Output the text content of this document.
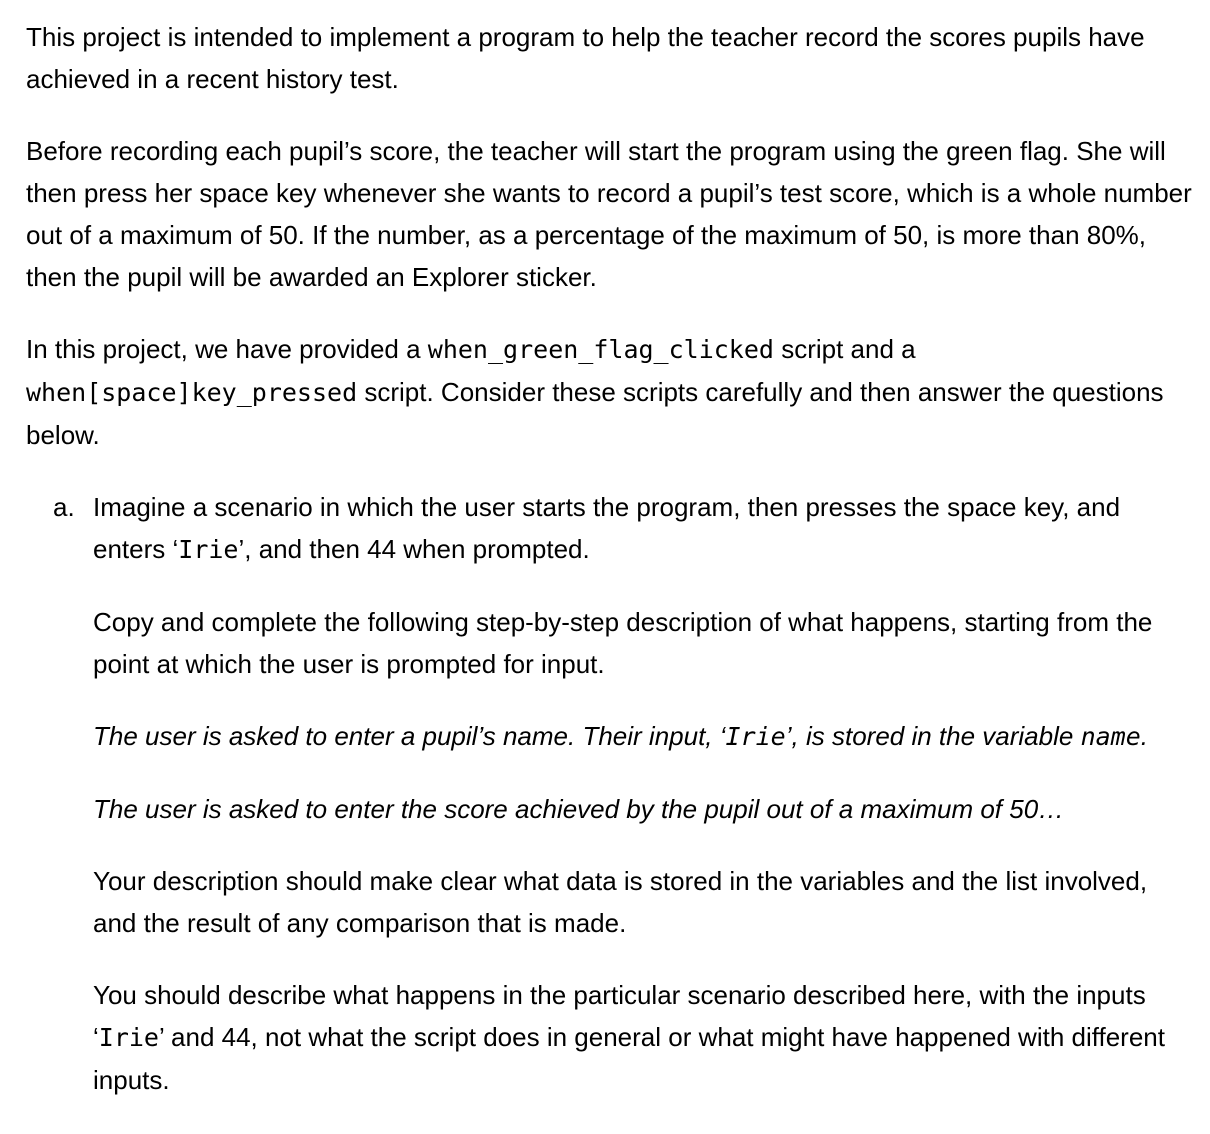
This project is intended to implement a program to help the teacher record the scores pupils have achieved in a recent history test.

Before recording each pupil’s score, the teacher will start the program using the green flag. She will then press her space key whenever she wants to record a pupil’s test score, which is a whole number out of a maximum of 50. If the number, as a percentage of the maximum of 50, is more than 80%, then the pupil will be awarded an Explorer sticker.

In this project, we have provided a when_green_flag_clicked script and a when[space]key_pressed script. Consider these scripts carefully and then answer the questions below.

a. Imagine a scenario in which the user starts the program, then presses the space key, and enters ‘Irie’, and then 44 when prompted.

Copy and complete the following step-by-step description of what happens, starting from the point at which the user is prompted for input.

The user is asked to enter a pupil’s name. Their input, ‘Irie’, is stored in the variable name.

The user is asked to enter the score achieved by the pupil out of a maximum of 50…

Your description should make clear what data is stored in the variables and the list involved, and the result of any comparison that is made.

You should describe what happens in the particular scenario described here, with the inputs ‘Irie’ and 44, not what the script does in general or what might have happened with different inputs.
